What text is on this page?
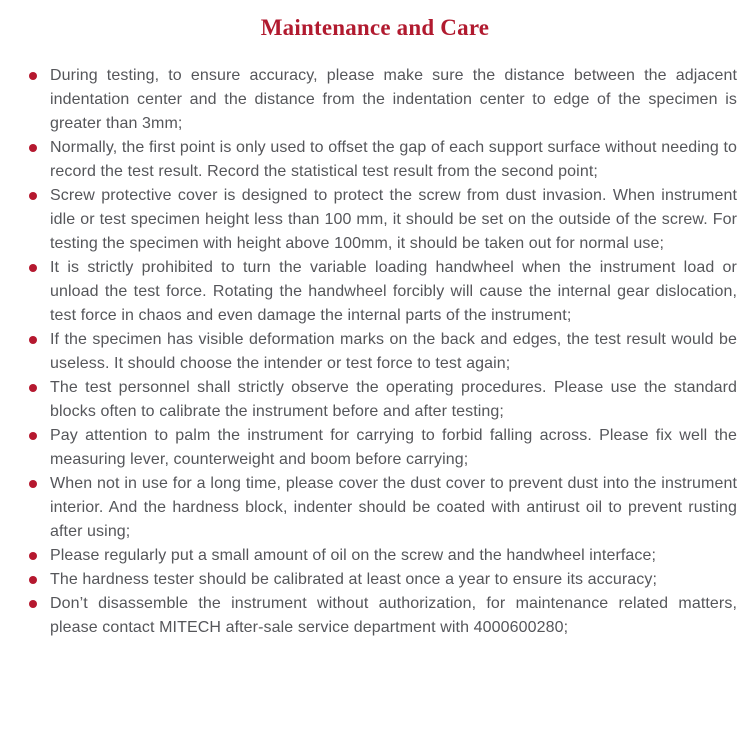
Maintenance and Care
During testing, to ensure accuracy, please make sure the distance between the adjacent indentation center and the distance from the indentation center to edge of the specimen is greater than 3mm;
Normally, the first point is only used to offset the gap of each support surface without needing to record the test result. Record the statistical test result from the second point;
Screw protective cover is designed to protect the screw from dust invasion. When instrument idle or test specimen height less than 100 mm, it should be set on the outside of the screw. For testing the specimen with height above 100mm, it should be taken out for normal use;
It is strictly prohibited to turn the variable loading handwheel when the instrument load or unload the test force. Rotating the handwheel forcibly will cause the internal gear dislocation, test force in chaos and even damage the internal parts of the instrument;
If the specimen has visible deformation marks on the back and edges, the test result would be useless. It should choose the intender or test force to test again;
The test personnel shall strictly observe the operating procedures. Please use the standard blocks often to calibrate the instrument before and after testing;
Pay attention to palm the instrument for carrying to forbid falling across. Please fix well the measuring lever, counterweight and boom before carrying;
When not in use for a long time, please cover the dust cover to prevent dust into the instrument interior. And the hardness block, indenter should be coated with antirust oil to prevent rusting after using;
Please regularly put a small amount of oil on the screw and the handwheel interface;
The hardness tester should be calibrated at least once a year to ensure its accuracy;
Don’t disassemble the instrument without authorization, for maintenance related matters, please contact MITECH after-sale service department with 4000600280;
